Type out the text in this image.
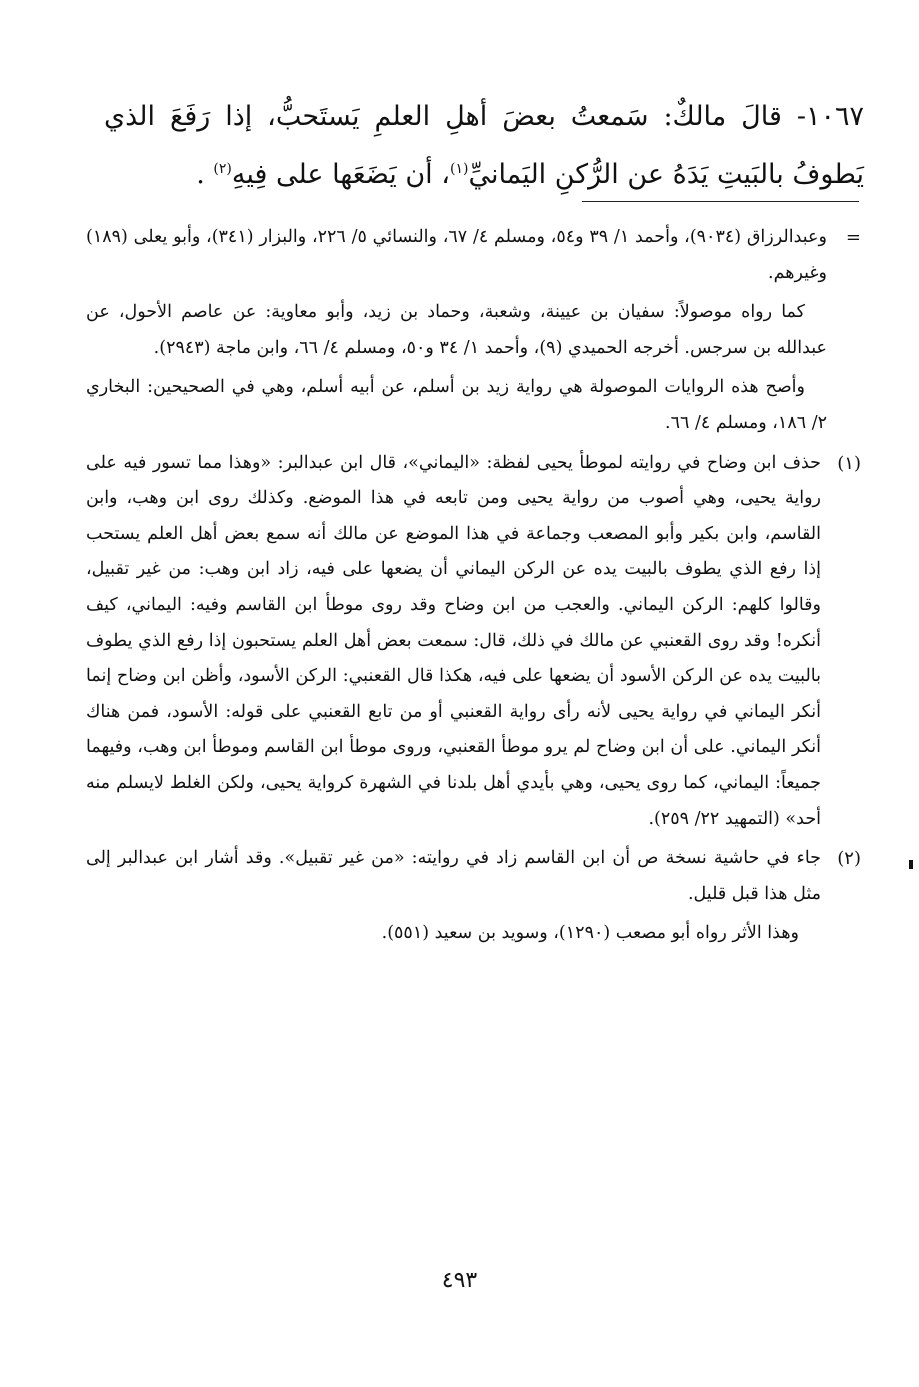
١٠٦٧- قالَ مالكٌ: سَمعتُ بعضَ أهلِ العلمِ يَستَحبُّ، إذا رَفَعَ الذي يَطوفُ بالبَيتِ يَدَهُ عن الرُّكنِ اليَمانيِّ$^{(١)}$، أن يَضَعَها على فِيهِ$^{(٢)}$ .
=

وعبدالرزاق (٩٠٣٤)، وأحمد ١/ ٣٩ و٥٤، ومسلم ٤/ ٦٧، والنسائي ٥/ ٢٢٦، والبزار (٣٤١)، وأبو يعلى (١٨٩) وغيرهم.

كما رواه موصولاً: سفيان بن عيينة، وشعبة، وحماد بن زيد، وأبو معاوية: عن عاصم الأحول، عن عبدالله بن سرجس. أخرجه الحميدي (٩)، وأحمد ١/ ٣٤ و٥٠، ومسلم ٤/ ٦٦، وابن ماجة (٢٩٤٣).

وأصح هذه الروايات الموصولة هي رواية زيد بن أسلم، عن أبيه أسلم، وهي في الصحيحين: البخاري ٢/ ١٨٦، ومسلم ٤/ ٦٦.

(١)

حذف ابن وضاح في روايته لموطأ يحيى لفظة: «اليماني»، قال ابن عبدالبر: «وهذا مما تسور فيه على رواية يحيى، وهي أصوب من رواية يحيى ومن تابعه في هذا الموضع. وكذلك روى ابن وهب، وابن القاسم، وابن بكير وأبو المصعب وجماعة في هذا الموضع عن مالك أنه سمع بعض أهل العلم يستحب إذا رفع الذي يطوف بالبيت يده عن الركن اليماني أن يضعها على فيه، زاد ابن وهب: من غير تقبيل، وقالوا كلهم: الركن اليماني. والعجب من ابن وضاح وقد روى موطأ ابن القاسم وفيه: اليماني، كيف أنكره! وقد روى القعنبي عن مالك في ذلك، قال: سمعت بعض أهل العلم يستحبون إذا رفع الذي يطوف بالبيت يده عن الركن الأسود أن يضعها على فيه، هكذا قال القعنبي: الركن الأسود، وأظن ابن وضاح إنما أنكر اليماني في رواية يحيى لأنه رأى رواية القعنبي أو من تابع القعنبي على قوله: الأسود، فمن هناك أنكر اليماني. على أن ابن وضاح لم يرو موطأ القعنبي، وروى موطأ ابن القاسم وموطأ ابن وهب، وفيهما جميعاً: اليماني، كما روى يحيى، وهي بأيدي أهل بلدنا في الشهرة كرواية يحيى، ولكن الغلط لايسلم منه أحد» (التمهيد ٢٢/ ٢٥٩).

(٢)

جاء في حاشية نسخة ص أن ابن القاسم زاد في روايته: «من غير تقبيل». وقد أشار ابن عبدالبر إلى مثل هذا قبل قليل.

وهذا الأثر رواه أبو مصعب (١٢٩٠)، وسويد بن سعيد (٥٥١).

٤٩٣
